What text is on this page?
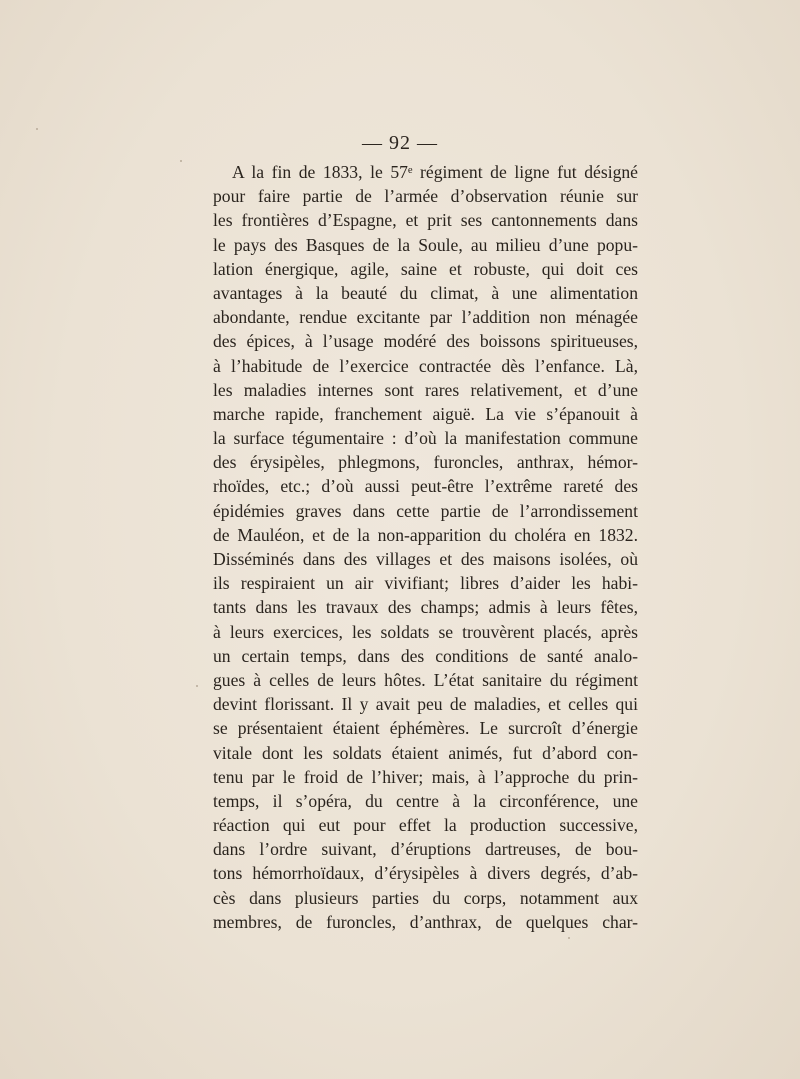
— 92 —
A la fin de 1833, le 57ᵉ régiment de ligne fut désigné
pour faire partie de l’armée d’observation réunie sur
les frontières d’Espagne, et prit ses cantonnements dans
le pays des Basques de la Soule, au milieu d’une popu-
lation énergique, agile, saine et robuste, qui doit ces
avantages à la beauté du climat, à une alimentation
abondante, rendue excitante par l’addition non ménagée
des épices, à l’usage modéré des boissons spiritueuses,
à l’habitude de l’exercice contractée dès l’enfance. Là,
les maladies internes sont rares relativement, et d’une
marche rapide, franchement aiguë. La vie s’épanouit à
la surface tégumentaire : d’où la manifestation commune
des érysipèles, phlegmons, furoncles, anthrax, hémor-
rhoïdes, etc.; d’où aussi peut-être l’extrême rareté des
épidémies graves dans cette partie de l’arrondissement
de Mauléon, et de la non-apparition du choléra en 1832.
Disséminés dans des villages et des maisons isolées, où
ils respiraient un air vivifiant; libres d’aider les habi-
tants dans les travaux des champs; admis à leurs fêtes,
à leurs exercices, les soldats se trouvèrent placés, après
un certain temps, dans des conditions de santé analo-
gues à celles de leurs hôtes. L’état sanitaire du régiment
devint florissant. Il y avait peu de maladies, et celles qui
se présentaient étaient éphémères. Le surcroît d’énergie
vitale dont les soldats étaient animés, fut d’abord con-
tenu par le froid de l’hiver; mais, à l’approche du prin-
temps, il s’opéra, du centre à la circonférence, une
réaction qui eut pour effet la production successive,
dans l’ordre suivant, d’éruptions dartreuses, de bou-
tons hémorrhoïdaux, d’érysipèles à divers degrés, d’ab-
cès dans plusieurs parties du corps, notamment aux
membres, de furoncles, d’anthrax, de quelques char-
